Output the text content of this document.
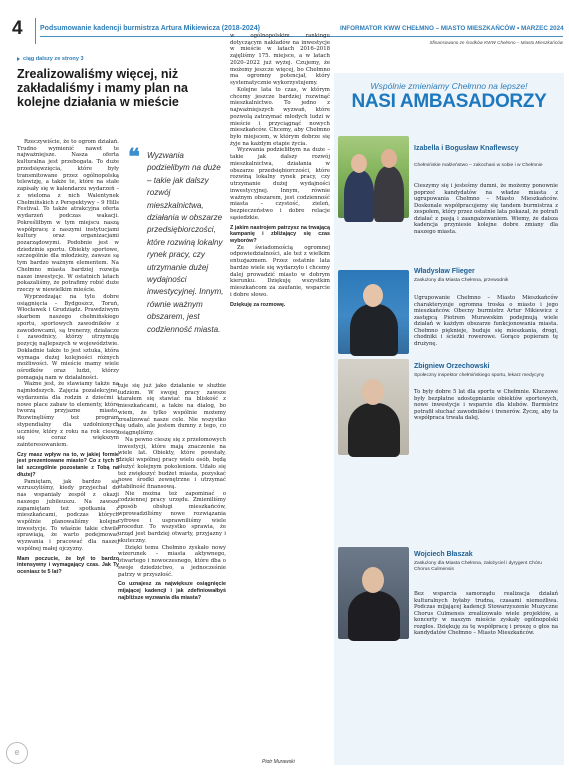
4	Podsumowanie kadencji burmistrza Artura Mikiewicza (2018-2024)	INFORMATOR KWW CHEŁMNO – MIASTO MIESZKAŃCÓW • MARZEC 2024
Sfinansowano ze środków KWW Chełmno – Miasto Mieszkańców
ciąg dalszy ze strony 3
Zrealizowaliśmy więcej, niż zakładaliśmy i mamy plan na kolejne działania w mieście

Rzeczywiście, że to ogrom działań. Trudno wymienić nawet te najważniejsze. Nasza oferta kulturalna jest przebogata. To duże przedsięwzięcia, które były transmitowane przez ogólnopolską telewizję, a także te, które na stałe zapisały się w kalendarzu wydarzeń – z wieloma z nich Walentynek Chełmińskich z Perspektywy – 9 Hills Festival. To także atrakcyjna oferta wydarzeń podczas wakacji. Pokreśliłbym w tym miejscu naszą współpracę z naszymi instytucjami kultury oraz organizacjami pozarządowymi. Podobnie jest w dziedzinie sportu. Obiekty sportowe, szczególnie dla młodzieży, zawsze są tym bardzo ważnym elementem. Na Chełmno miasta bardziej rozwija nasze inwestycje. W ostatnich latach pokazaliśmy, że potrafimy robić duże rzeczy w niewielkim mieście.

Wyprzedzając na tylu dobre osiągnięcia – Bydgoszcz, Toruń, Włocławek i Grudziądz. Prawdziwym skarbem naszego chełmińskiego sportu, sportowych zawodników z zawodowcami, są trenerzy, działacze i zawodnicy, którzy utrzymują pozycję najlepszych w województwie. Dokładnie także to jest sztuka, która wymaga dużej kolejności różnych możliwości. W mieście mamy wiele ośrodków oraz ludzi, którzy pomagają nam w działalności.

Ważne jest, że stawiamy także na najmłodszych. Zajęcia pozalekcyjne, wydarzenia dla rodzin z dziećmi i nowe place zabaw to elementy, które tworzą przyjazne miasto. Rozwinęliśmy też program stypendialny dla uzdolnionych uczniów, który z roku na rok cieszy się coraz większym zainteresowaniem.

Czy masz wpływ na to, w jakiej formie jest prezentowane miasto? Co z tych 5 lat szczególnie pozostanie z Tobą na dłużej?

Pamiętam, jak bardzo się wzruszyliśmy, kiedy przyjechał do nas wspaniały zespół z okazji naszego jubileuszu. Na zawsze zapamiętam też spotkania z mieszkańcami, podczas których wspólnie planowaliśmy kolejne inwestycje. To właśnie takie chwile sprawiają, że warto podejmować wyzwania i pracować dla naszej wspólnej małej ojczyzny.

Mam poczucie, że był to bardzo intensywny i wymagający czas. Jak Ty oceniasz te 5 lat?

❝ Wyzwania podzielibym na duże – takie jak dalszy rozwój mieszkalnictwa, działania w obszarze przedsiębiorczości, które rozwiną lokalny rynek pracy, czy utrzymanie dużej wydajności inwestycyjnej. Innym, równie ważnym obszarem, jest codzienność miasta.

tuje się już jako działanie w służbie ludziom. W swojej pracy zawsze starałem się stawiać na bliskość z mieszkańcami, a także na dialog, bo wiem, że tylko wspólnie możemy zrealizować nasze cele. Nie wszystko się udało, ale jestem dumny z tego, co osiągnęliśmy.

Na pewno cieszę się z przełomowych inwestycji, które mają znaczenie na wiele lat. Obiekty, które powstały, dzięki wspólnej pracy wielu osób, będą służyć kolejnym pokoleniom. Udało się też zwiększyć budżet miasta, pozyskać nowe środki zewnętrzne i utrzymać stabilność finansową.

Nie można też zapominać o codziennej pracy urzędu. Zmieniliśmy sposób obsługi mieszkańców, wprowadziliśmy nowe rozwiązania cyfrowe i usprawniliśmy wiele procedur. To wszystko sprawia, że urząd jest bardziej otwarty, przyjazny i skuteczny.

Dzięki temu Chełmno zyskało nowy wizerunek – miasta aktywnego, otwartego i nowoczesnego, które dba o swoje dziedzictwo, a jednocześnie patrzy w przyszłość.

Co uznajesz za największe osiągnięcie mijającej kadencji i jak zdefiniowałbyś najbliższe wyzwania dla miasta?

w ogólnopolskim rankingu dotyczącym nakładów na inwestycje w mieście w latach 2016–2018 zajęliśmy 175. miejsce, a w latach 2020–2022 już wyżej. Czujemy, że możemy jeszcze więcej, bo Chełmno ma ogromny potencjał, który systematycznie wykorzystujemy.

Kolejne lata to czas, w którym chcemy jeszcze bardziej rozwinąć mieszkalnictwo. To jedno z najważniejszych wyzwań, które pozwolą zatrzymać młodych ludzi w mieście i przyciągnąć nowych mieszkańców. Chcemy, aby Chełmno było miejscem, w którym dobrze się żyje na każdym etapie życia.

Wyzwania podzieliłbym na duże – takie jak dalszy rozwój mieszkalnictwa, działania w obszarze przedsiębiorczości, które rozwiną lokalny rynek pracy, czy utrzymanie dużej wydajności inwestycyjnej. Innym, równie ważnym obszarem, jest codzienność miasta – czystość, zieleń, bezpieczeństwo i dobre relacje sąsiedzkie.

Z jakim nastrojem patrzysz na trwającą kampanię i zbliżający się czas wyborów?

Ze świadomością ogromnej odpowiedzialności, ale też z wielkim entuzjazmem. Przez ostatnie lata bardzo wiele się wydarzyło i chcemy dalej prowadzić miasto w dobrym kierunku. Dziękuję wszystkim mieszkańcom za zaufanie, wsparcie i dobre słowo.

Dziękuję za rozmowę.

Piotr Murawski
Wspólnie zmieniamy Chełmno na lepsze!
NASI AMBASADORZY
Izabella i Bogusław Knaflewscy
Chełmińskie małżeństwo – zakochani w sobie i w Chełmnie
Cieszymy się i jesteśmy dumni, że możemy ponownie poprzeć kandydatów na władze miasta z ugrupowania Chełmno – Miasto Mieszkańców. Doskonale współpracujemy się tandem burmistrza z zespołem, który przez ostatnie lata pokazał, że potrafi działać z pasją i zaangażowaniem. Wiemy, że dalsza kadencja przyniesie kolejne dobre zmiany dla naszego miasta.
Władysław Flieger
Zasłużony dla Miasta Chełmna, przewodnik
Ugrupowanie Chełmno – Miasto Mieszkańców charakteryzuje ogromna troska o miasto i jego mieszkańców. Obecny burmistrz Artur Mikiewicz z zastępcą Piotrem Murawskim podejmują wiele działań w każdym obszarze funkcjonowania miasta. Chełmno pięknieje, buduje się mieszkania, drogi, chodniki i ścieżki rowerowe. Gorąco popieram tę drużynę.
Zbigniew Orzechowski
Społeczny inspektor chełmińskiego sportu, lekarz medycyny
To były dobre 5 lat dla sportu w Chełmnie. Kluczowe były bezpłatne udostępnianie obiektów sportowych, nowe inwestycje i wsparcie dla klubów. Burmistrz potrafił słuchać zawodników i trenerów. Życzę, aby ta współpraca trwała dalej.
Wojciech Błaszak
Zasłużony dla Miasta Chełmna, założyciel i dyrygent Chóru Chorus Culmensis
Bez wsparcia samorządu realizacja działań kulturalnych byłaby trudna, czasami niemożliwa. Podczas mijającej kadencji Stowarzyszenie Muzyczne Chorus Culmensis zrealizowało wiele projektów, a koncerty w naszym mieście zyskały ogólnopolski rozgłos. Dziękuję za tę współpracę i proszę o głos na kandydatów Chełmno – Miasto Mieszkańców.
e
